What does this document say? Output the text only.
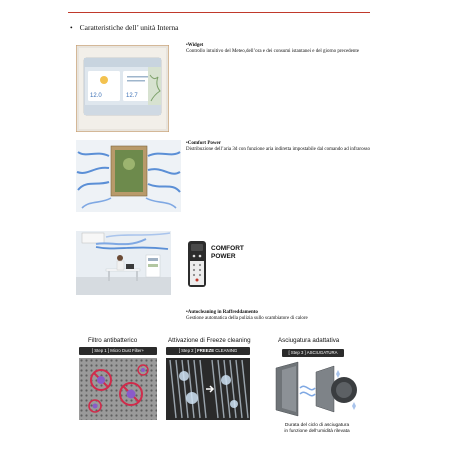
• Caratteristiche dell’ unità Interna
12.0	12.7
•Widget
Controllo intuitivo del Meteo,dell’ora e dei consumi istantanei e del giorno precedente
•Comfort Power
Distribuzione dell’aria 3d con funzione aria indiretta impostabile dal comando ad infrarosso
COMFORT
POWER
•Autocleaning in Raffreddamento
Gestione automatica della pulizia sullo scambiatore di calore
Filtro antibatterico	Attivazione di Freeze cleaning	Asciugatura adattativa
[ Step 1 ] Micro Dust Filter+	[ Step 2 ] FREEZE CLEANING	[ Step 3 ] ASCIUGATURA
Durata del ciclo di asciugatura
in funzione dell’umidità rilevata
